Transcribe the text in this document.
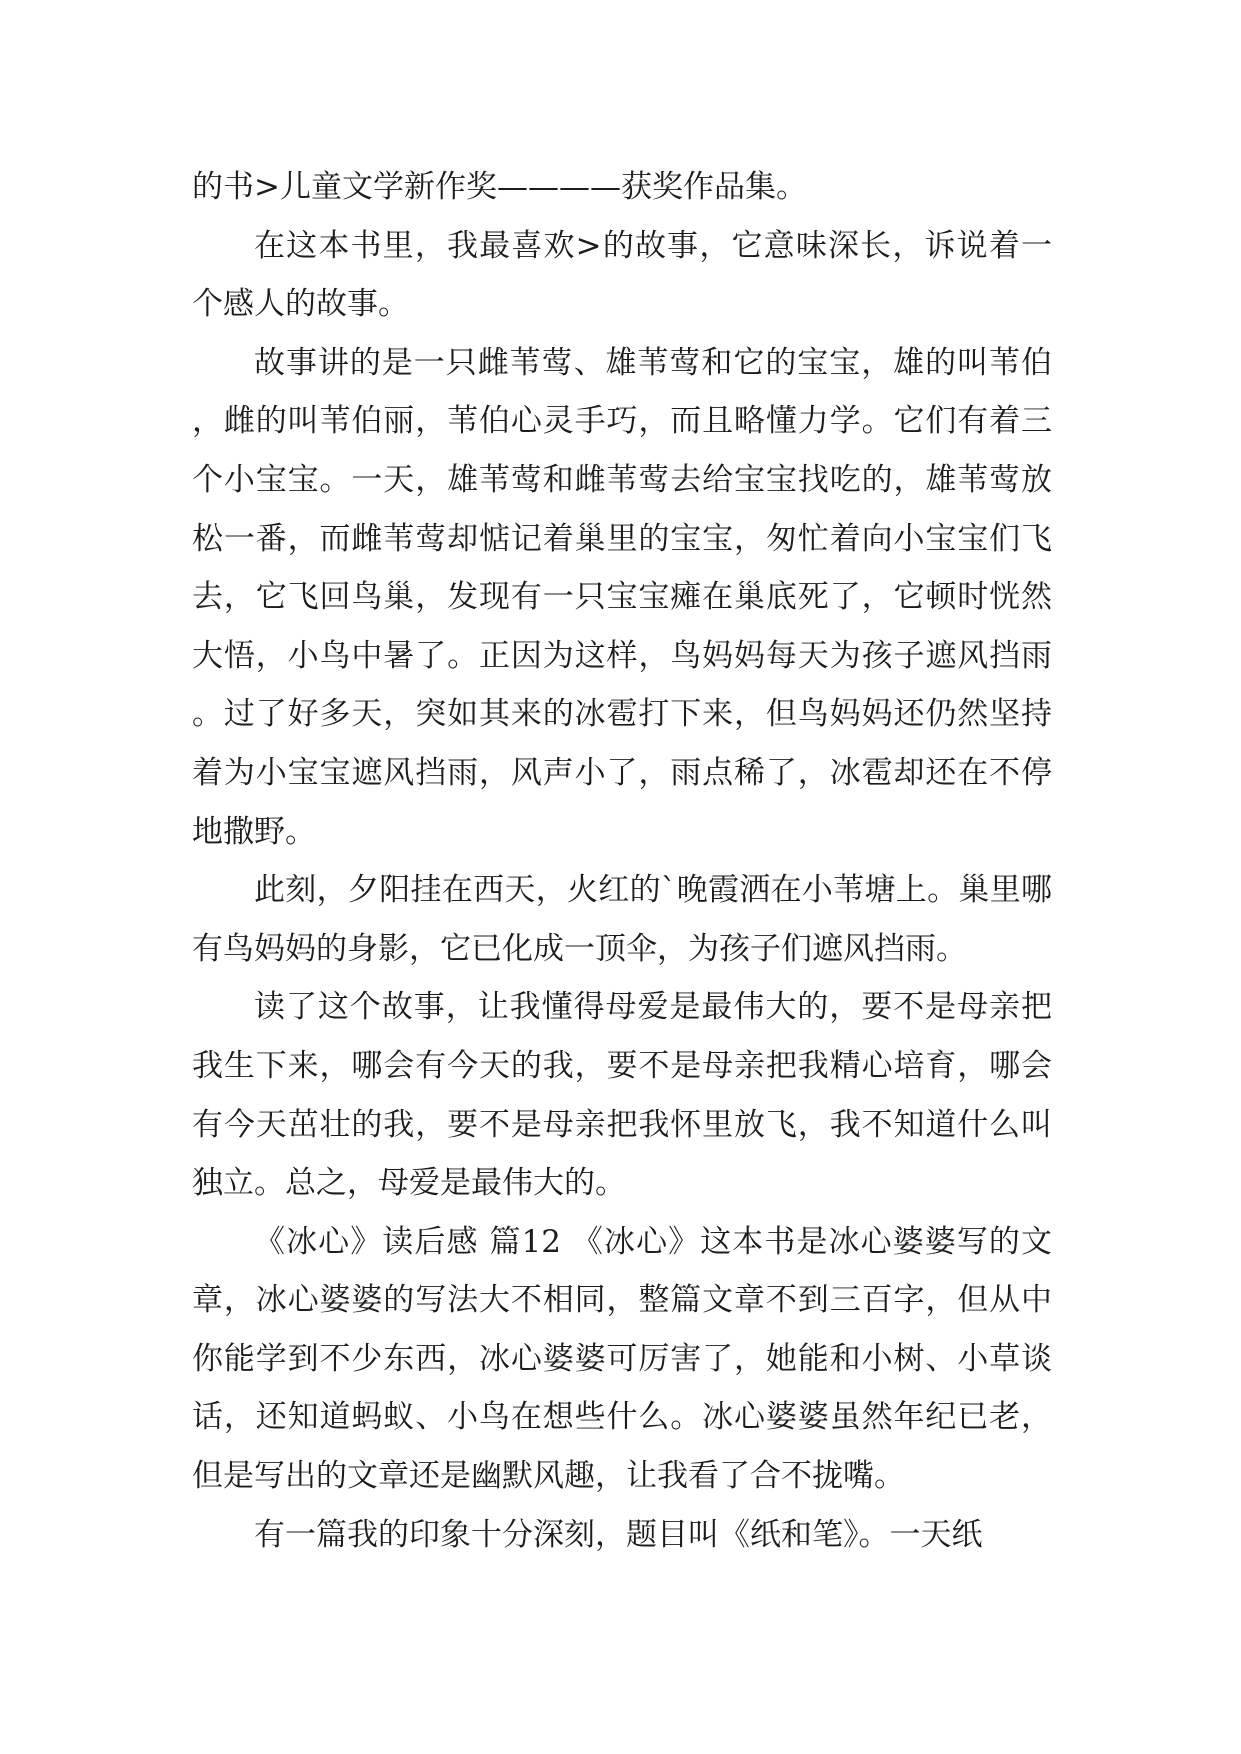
的书>儿童文学新作奖————获奖作品集。

在这本书里，我最喜欢>的故事，它意味深长，诉说着一个感人的故事。

故事讲的是一只雌苇莺、雄苇莺和它的宝宝，雄的叫苇伯，雌的叫苇伯丽，苇伯心灵手巧，而且略懂力学。它们有着三个小宝宝。一天，雄苇莺和雌苇莺去给宝宝找吃的，雄苇莺放松一番，而雌苇莺却惦记着巢里的宝宝，匆忙着向小宝宝们飞去，它飞回鸟巢，发现有一只宝宝瘫在巢底死了，它顿时恍然大悟，小鸟中暑了。正因为这样，鸟妈妈每天为孩子遮风挡雨。过了好多天，突如其来的冰雹打下来，但鸟妈妈还仍然坚持着为小宝宝遮风挡雨，风声小了，雨点稀了，冰雹却还在不停地撒野。

此刻，夕阳挂在西天，火红的`晚霞洒在小苇塘上。巢里哪有鸟妈妈的身影，它已化成一顶伞，为孩子们遮风挡雨。

读了这个故事，让我懂得母爱是最伟大的，要不是母亲把我生下来，哪会有今天的我，要不是母亲把我精心培育，哪会有今天茁壮的我，要不是母亲把我怀里放飞，我不知道什么叫独立。总之，母爱是最伟大的。

《冰心》读后感 篇12 《冰心》这本书是冰心婆婆写的文章，冰心婆婆的写法大不相同，整篇文章不到三百字，但从中你能学到不少东西，冰心婆婆可厉害了，她能和小树、小草谈话，还知道蚂蚁、小鸟在想些什么。冰心婆婆虽然年纪已老，但是写出的文章还是幽默风趣，让我看了合不拢嘴。

有一篇我的印象十分深刻，题目叫《纸和笔》。一天纸
